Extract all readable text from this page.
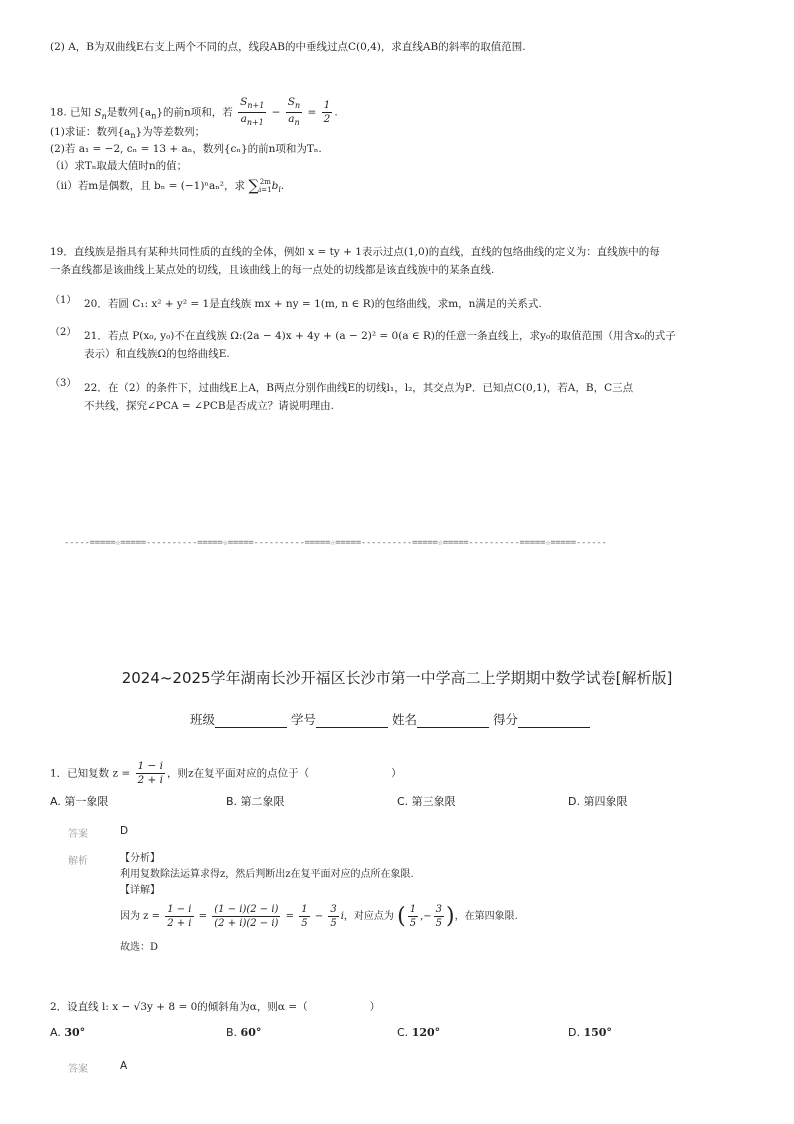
(2) A，B为双曲线E右支上两个不同的点，线段AB的中垂线过点C(0,4)，求直线AB的斜率的取值范围.
18. 已知 $S_n$是数列$\{a_n\}$的前n项和，若 $\frac{S_{n+1}}{a_{n+1}} - \frac{S_n}{a_n} = \frac{1}{2}$ .
(1)求证：数列$\{a_n\}$为等差数列；
(2)若 a₁ = −2, cₙ = 13 + aₙ，数列{cₙ}的前n项和为Tₙ.
（ⅰ）求Tₙ取最大值时n的值；
（ⅱ）若m是偶数，且 bₙ = (−1)ⁿaₙ²，求 ∑2m
$i=1b_i$.
19．直线族是指具有某种共同性质的直线的全体，例如 x = ty + 1表示过点(1,0)的直线，直线的包络曲线的定义为：直线族中的每
一条直线都是该曲线上某点处的切线，且该曲线上的每一点处的切线都是该直线族中的某条直线.
（1） 20．若圆 C₁: x² + y² = 1是直线族 mx + ny = 1(m, n ∈ R)的包络曲线，求m，n满足的关系式.
（2） 21．若点 P(x₀, y₀)不在直线族 Ω:(2a − 4)x + 4y + (a − 2)² = 0(a ∈ R)的任意一条直线上，求y₀的取值范围（用含x₀的式子
表示）和直线族Ω的包络曲线E.
（3） 22．在（2）的条件下，过曲线E上A，B两点分别作曲线E的切线l₁，l₂，其交点为P．已知点C(0,1)，若A，B，C三点
不共线，探究∠PCA = ∠PCB是否成立？请说明理由.
-----=====☆=====----------=====☆=====----------=====☆=====----------=====☆=====----------=====☆=====------
2024~2025学年湖南长沙开福区长沙市第一中学高二上学期期中数学试卷[解析版]
班级	学号	姓名	得分
1．已知复数 $z = \frac{1 - i}{2 + i}$ ，则z在复平面对应的点位于（	）
A. 第一象限	B. 第二象限	C. 第三象限	D. 第四象限
答案	D
解析	【分析】
利用复数除法运算求得z，然后判断出z在复平面对应的点所在象限.
【详解】
因为 $z = \frac{1 - i}{2 + i} = \frac{(1 - i)(2 - i)}{(2 + i)(2 - i)} = \frac{1}{5} - \frac{3}{5}$ i，对应点为 ( $\frac{1}{5}$ ,− $\frac{3}{5}$ )，在第四象限.
故选：D
2．设直线 l: x − √3y + 8 = 0的倾斜角为α，则α =（	）
A. 30°	B. 60°	C. 120°	D. 150°
答案	A
